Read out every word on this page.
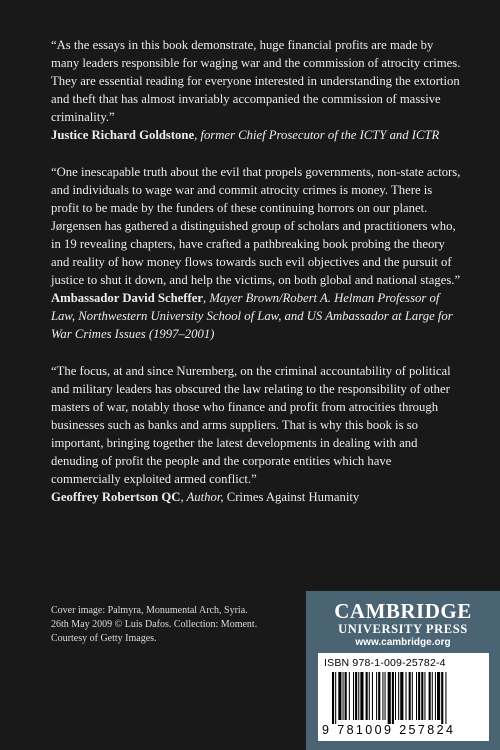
“As the essays in this book demonstrate, huge financial profits are made by many leaders responsible for waging war and the commission of atrocity crimes. They are essential reading for everyone interested in understanding the extortion and theft that has almost invariably accompanied the commission of massive criminality.”

Justice Richard Goldstone, former Chief Prosecutor of the ICTY and ICTR

“One inescapable truth about the evil that propels governments, non-state actors, and individuals to wage war and commit atrocity crimes is money. There is profit to be made by the funders of these continuing horrors on our planet. Jørgensen has gathered a distinguished group of scholars and practitioners who, in 19 revealing chapters, have crafted a pathbreaking book probing the theory and reality of how money flows towards such evil objectives and the pursuit of justice to shut it down, and help the victims, on both global and national stages.”

Ambassador David Scheffer, Mayer Brown/Robert A. Helman Professor of Law, Northwestern University School of Law, and US Ambassador at Large for War Crimes Issues (1997–2001)

“The focus, at and since Nuremberg, on the criminal accountability of political and military leaders has obscured the law relating to the responsibility of other masters of war, notably those who finance and profit from atrocities through businesses such as banks and arms suppliers. That is why this book is so important, bringing together the latest developments in dealing with and denuding of profit the people and the corporate entities which have commercially exploited armed conflict.”

Geoffrey Robertson QC, Author, Crimes Against Humanity

Cover image: Palmyra, Monumental Arch, Syria. 26th May 2009 © Luis Dafos. Collection: Moment. Courtesy of Getty Images.
CAMBRIDGE
UNIVERSITY PRESS
www.cambridge.org
ISBN 978-1-009-25782-4
9 781009 257824
